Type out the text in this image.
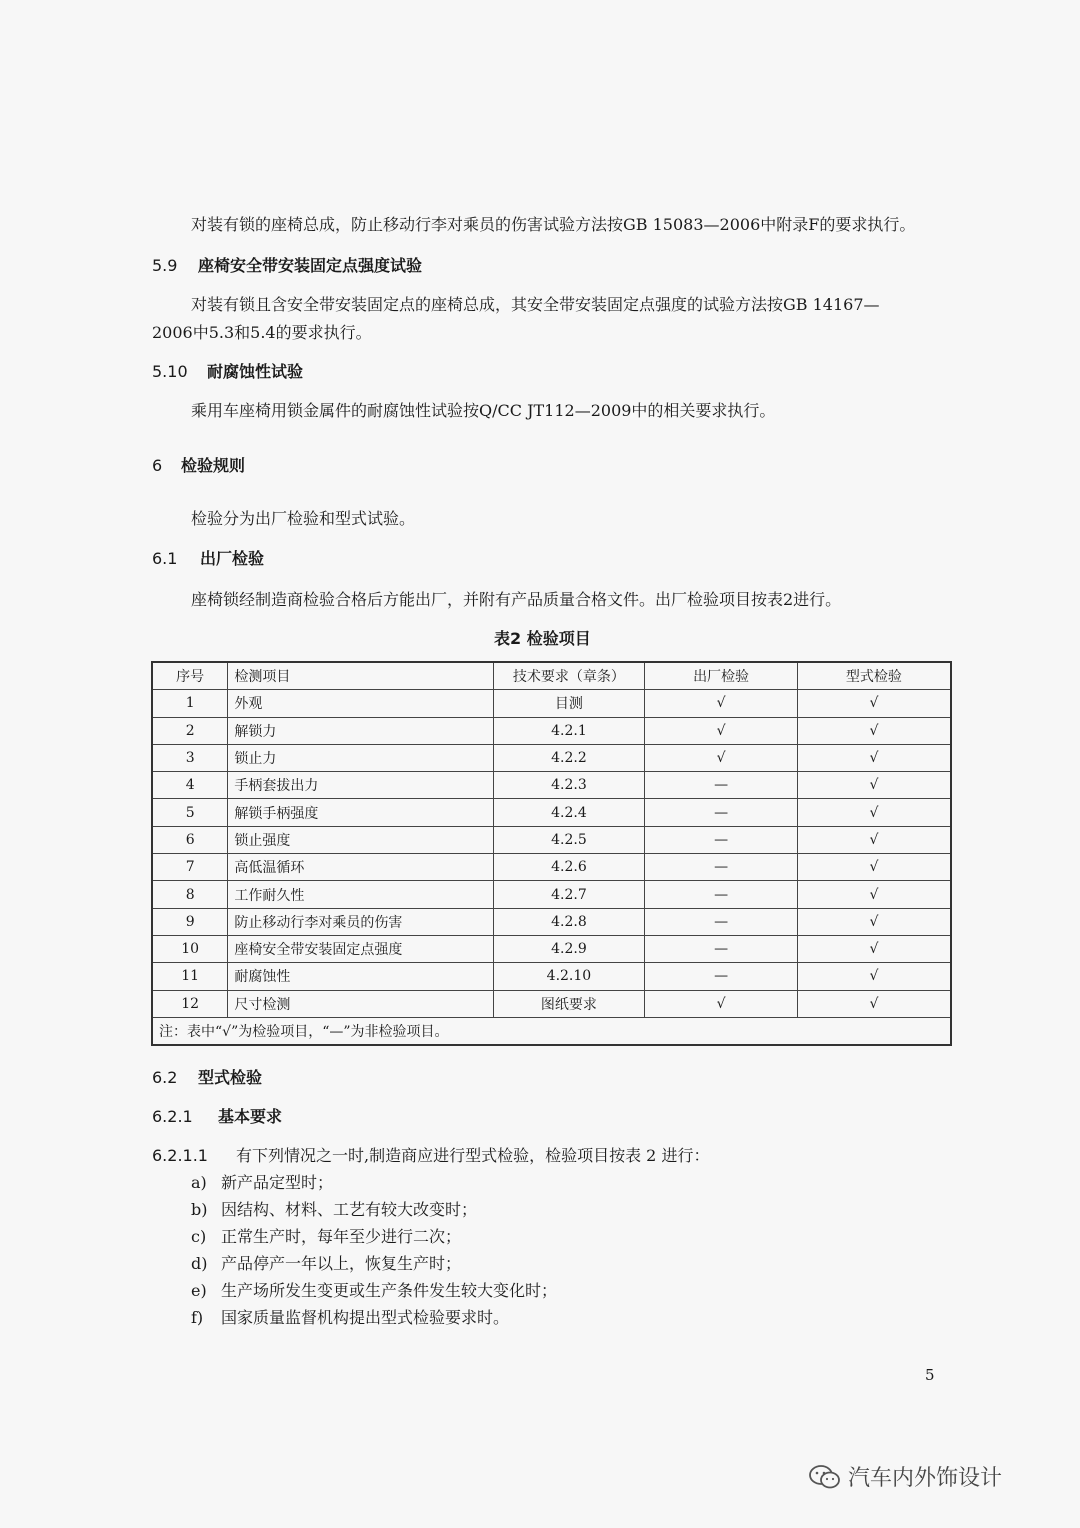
对装有锁的座椅总成，防止移动行李对乘员的伤害试验方法按GB 15083—2006中附录F的要求执行。
5.9 座椅安全带安装固定点强度试验
对装有锁且含安全带安装固定点的座椅总成，其安全带安装固定点强度的试验方法按GB 14167—
2006中5.3和5.4的要求执行。
5.10 耐腐蚀性试验
乘用车座椅用锁金属件的耐腐蚀性试验按Q/CC JT112—2009中的相关要求执行。
6 检验规则
检验分为出厂检验和型式试验。
6.1 出厂检验
座椅锁经制造商检验合格后方能出厂，并附有产品质量合格文件。出厂检验项目按表2进行。
表2 检验项目
序号	检测项目	技术要求（章条）	出厂检验	型式检验
1	外观	目测	√	√
2	解锁力	4.2.1	√	√
3	锁止力	4.2.2	√	√
4	手柄套拔出力	4.2.3	—	√
5	解锁手柄强度	4.2.4	—	√
6	锁止强度	4.2.5	—	√
7	高低温循环	4.2.6	—	√
8	工作耐久性	4.2.7	—	√
9	防止移动行李对乘员的伤害	4.2.8	—	√
10	座椅安全带安装固定点强度	4.2.9	—	√
11	耐腐蚀性	4.2.10	—	√
12	尺寸检测	图纸要求	√	√
注：表中“√”为检验项目，“—”为非检验项目。				
6.2 型式检验
6.2.1 基本要求
6.2.1.1 有下列情况之一时,制造商应进行型式检验，检验项目按表 2 进行：
a) 新产品定型时；
b) 因结构、材料、工艺有较大改变时；
c) 正常生产时，每年至少进行二次；
d) 产品停产一年以上，恢复生产时；
e) 生产场所发生变更或生产条件发生较大变化时；
f) 国家质量监督机构提出型式检验要求时。
5
汽车内外饰设计
